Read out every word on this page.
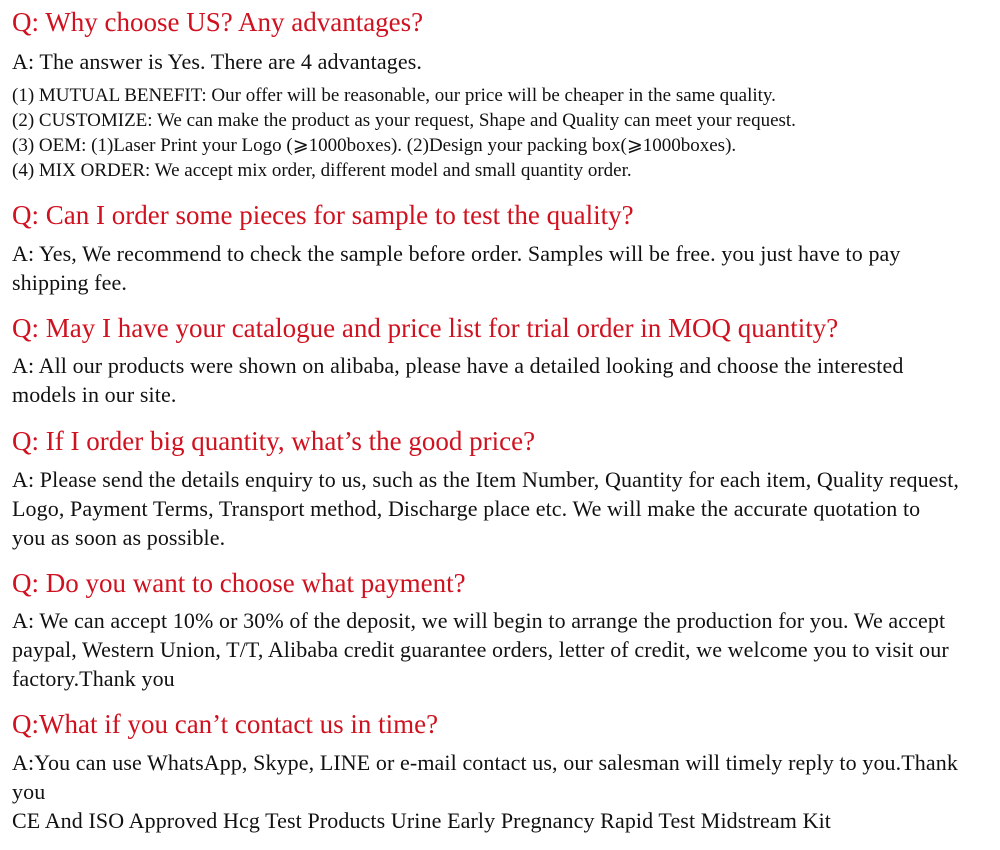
Q: Why choose US? Any advantages?
A: The answer is Yes. There are 4 advantages.
(1) MUTUAL BENEFIT: Our offer will be reasonable, our price will be cheaper in the same quality.
(2) CUSTOMIZE: We can make the product as your request, Shape and Quality can meet your request.
(3) OEM: (1)Laser Print your Logo (⩾1000boxes). (2)Design your packing box(⩾1000boxes).
(4) MIX ORDER: We accept mix order, different model and small quantity order.
Q: Can I order some pieces for sample to test the quality?
A: Yes, We recommend to check the sample before order. Samples will be free. you just have to pay
shipping fee.
Q: May I have your catalogue and price list for trial order in MOQ quantity?
A: All our products were shown on alibaba, please have a detailed looking and choose the interested
models in our site.
Q: If I order big quantity, what’s the good price?
A: Please send the details enquiry to us, such as the Item Number, Quantity for each item, Quality request,
Logo, Payment Terms, Transport method, Discharge place etc. We will make the accurate quotation to
you as soon as possible.
Q: Do you want to choose what payment?
A: We can accept 10% or 30% of the deposit, we will begin to arrange the production for you. We accept
paypal, Western Union, T/T, Alibaba credit guarantee orders, letter of credit, we welcome you to visit our
factory.Thank you
Q:What if you can’t contact us in time?
A:You can use WhatsApp, Skype, LINE or e-mail contact us, our salesman will timely reply to you.Thank
you
CE And ISO Approved Hcg Test Products Urine Early Pregnancy Rapid Test Midstream Kit
